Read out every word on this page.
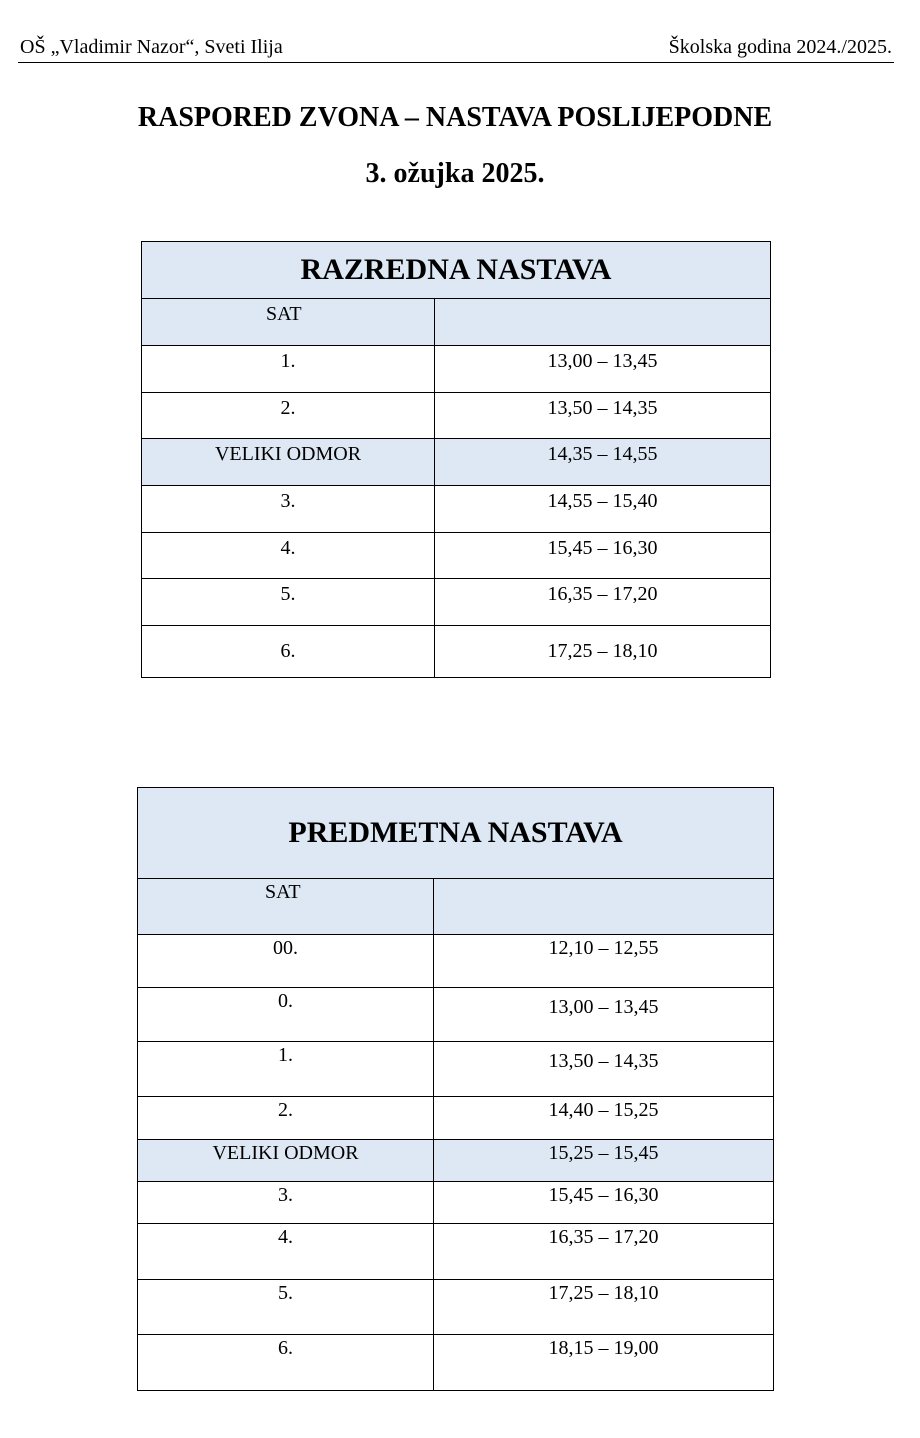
OŠ „Vladimir Nazor“, Sveti Ilija	Školska godina 2024./2025.
RASPORED ZVONA – NASTAVA POSLIJEPODNE
3. ožujka 2025.
RAZREDNA NASTAVA	
SAT	
1.	13,00 – 13,45
2.	13,50 – 14,35
VELIKI ODMOR	14,35 – 14,55
3.	14,55 – 15,40
4.	15,45 – 16,30
5.	16,35 – 17,20
6.	17,25 – 18,10
PREDMETNA NASTAVA	
SAT	
00.	12,10 – 12,55
0.	13,00 – 13,45
1.	13,50 – 14,35
2.	14,40 – 15,25
VELIKI ODMOR	15,25 – 15,45
3.	15,45 – 16,30
4.	16,35 – 17,20
5.	17,25 – 18,10
6.	18,15 – 19,00
